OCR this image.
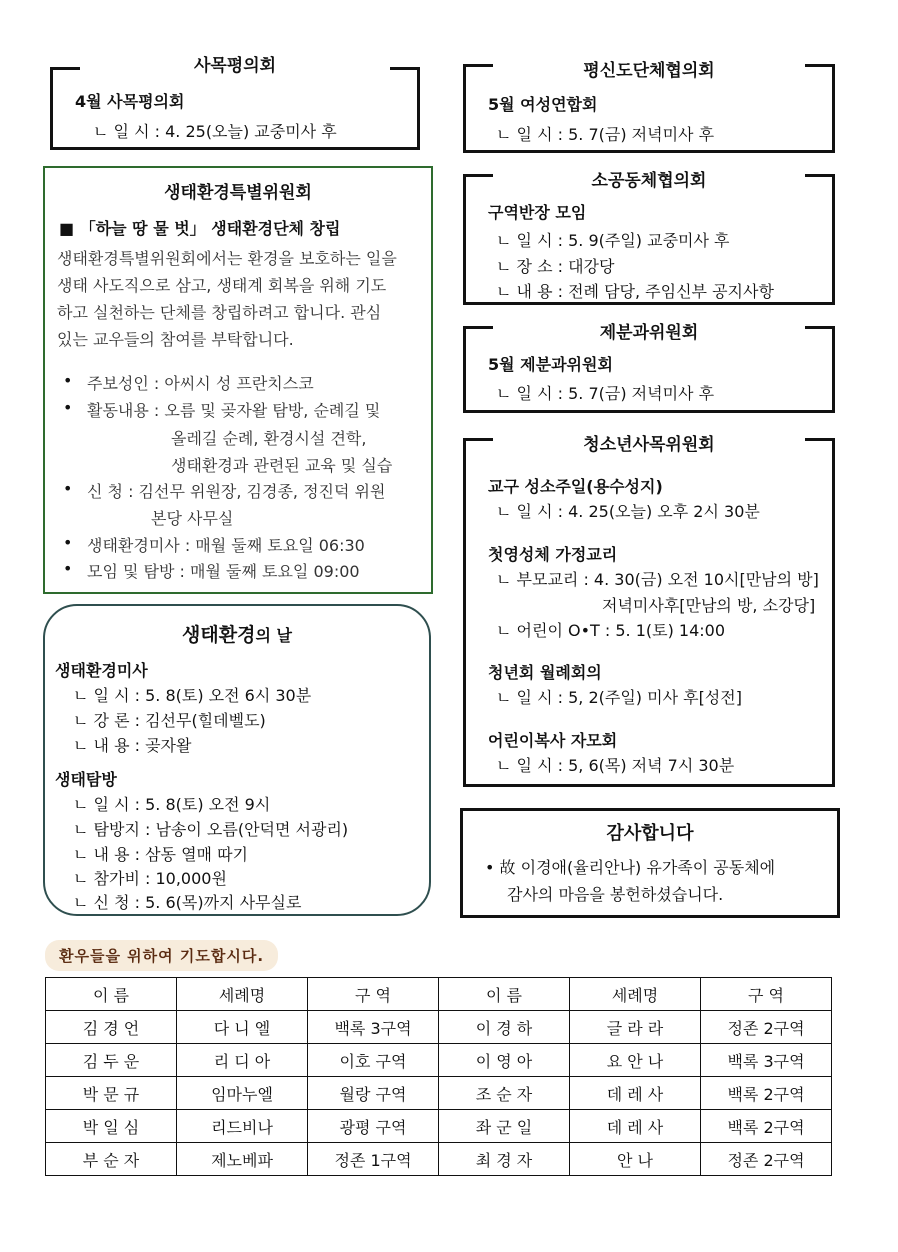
사목평의회
4월 사목평의회
ㄴ 일 시 : 4. 25(오늘) 교중미사 후
평신도단체협의회
5월 여성연합회
ㄴ 일 시 : 5. 7(금) 저녁미사 후
소공동체협의회
구역반장 모임
ㄴ 일 시 : 5. 9(주일) 교중미사 후
ㄴ 장 소 : 대강당
ㄴ 내 용 : 전례 담당, 주임신부 공지사항
제분과위원회
5월 제분과위원회
ㄴ 일 시 : 5. 7(금) 저녁미사 후
청소년사목위원회
교구 성소주일(용수성지)
ㄴ 일 시 : 4. 25(오늘) 오후 2시 30분
첫영성체 가정교리
ㄴ 부모교리 : 4. 30(금) 오전 10시[만남의 방]
저녁미사후[만남의 방, 소강당]
ㄴ 어린이 O•T : 5. 1(토) 14:00
청년회 월례회의
ㄴ 일 시 : 5, 2(주일) 미사 후[성전]
어린이복사 자모회
ㄴ 일 시 : 5, 6(목) 저녁 7시 30분
생태환경특별위원회
■ 「하늘 땅 물 벗」 생태환경단체 창립
생태환경특별위원회에서는 환경을 보호하는 일을
생태 사도직으로 삼고, 생태계 회복을 위해 기도
하고 실천하는 단체를 창립하려고 합니다. 관심
있는 교우들의 참여를 부탁합니다.
• 주보성인 : 아씨시 성 프란치스코
• 활동내용 : 오름 및 곶자왈 탐방, 순례길 및
올레길 순례, 환경시설 견학,
생태환경과 관련된 교육 및 실습
• 신 청 : 김선무 위원장, 김경종, 정진덕 위원
본당 사무실
• 생태환경미사 : 매월 둘째 토요일 06:30
• 모임 및 탐방 : 매월 둘째 토요일 09:00
생태환경의 날
생태환경미사
ㄴ 일 시 : 5. 8(토) 오전 6시 30분
ㄴ 강 론 : 김선무(힐데벨도)
ㄴ 내 용 : 곶자왈
생태탐방
ㄴ 일 시 : 5. 8(토) 오전 9시
ㄴ 탐방지 : 남송이 오름(안덕면 서광리)
ㄴ 내 용 : 삼동 열매 따기
ㄴ 참가비 : 10,000원
ㄴ 신 청 : 5. 6(목)까지 사무실로
감사합니다
• 故 이경애(율리안나) 유가족이 공동체에
감사의 마음을 봉헌하셨습니다.
환우들을 위하여 기도합시다.
이 름	세례명	구 역	이 름	세례명	구 역
김 경 언	다 니 엘	백록 3구역	이 경 하	글 라 라	정존 2구역
김 두 운	리 디 아	이호 구역	이 영 아	요 안 나	백록 3구역
박 문 규	임마누엘	월랑 구역	조 순 자	데 레 사	백록 2구역
박 일 심	리드비나	광평 구역	좌 군 일	데 레 사	백록 2구역
부 순 자	제노베파	정존 1구역	최 경 자	안 나	정존 2구역
